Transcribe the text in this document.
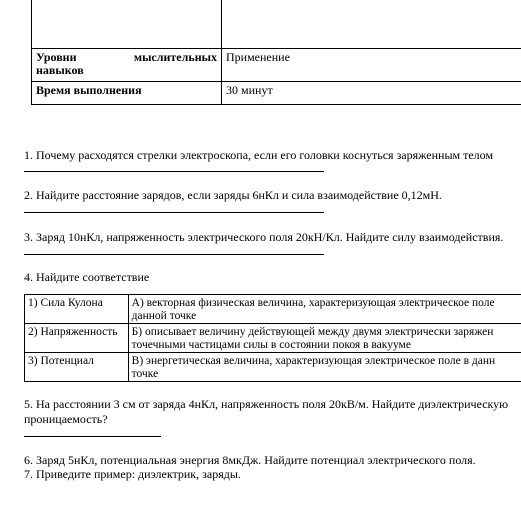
Уровни мыслительных
навыков	Применение
Время выполнения	30 минут
1. Почему расходятся стрелки электроскопа, если его головки коснуться заряженным телом
2. Найдите расстояние зарядов, если заряды 6нКл и сила взаимодействие 0,12мН.
3. Заряд 10нКл, напряженность электрического поля 20кН/Кл. Найдите силу взаимодействия.
4. Найдите соответствие
1) Сила Кулона	А) векторная физическая величина, характеризующая электрическое поле
данной точке

2) Напряженность	Б) описывает величину действующей между двумя электрически заряжен
точечными частицами силы в состоянии покоя в вакууме

3) Потенциал	В) энергетическая величина, характеризующая электрическое поле в данн
точке
5. На расстоянии 3 см от заряда 4нКл, напряженность поля 20кВ/м. Найдите диэлектрическую
проницаемость?
6. Заряд 5нКл, потенциальная энергия 8мкДж. Найдите потенциал электрического поля.
7. Приведите пример: диэлектрик, заряды.
